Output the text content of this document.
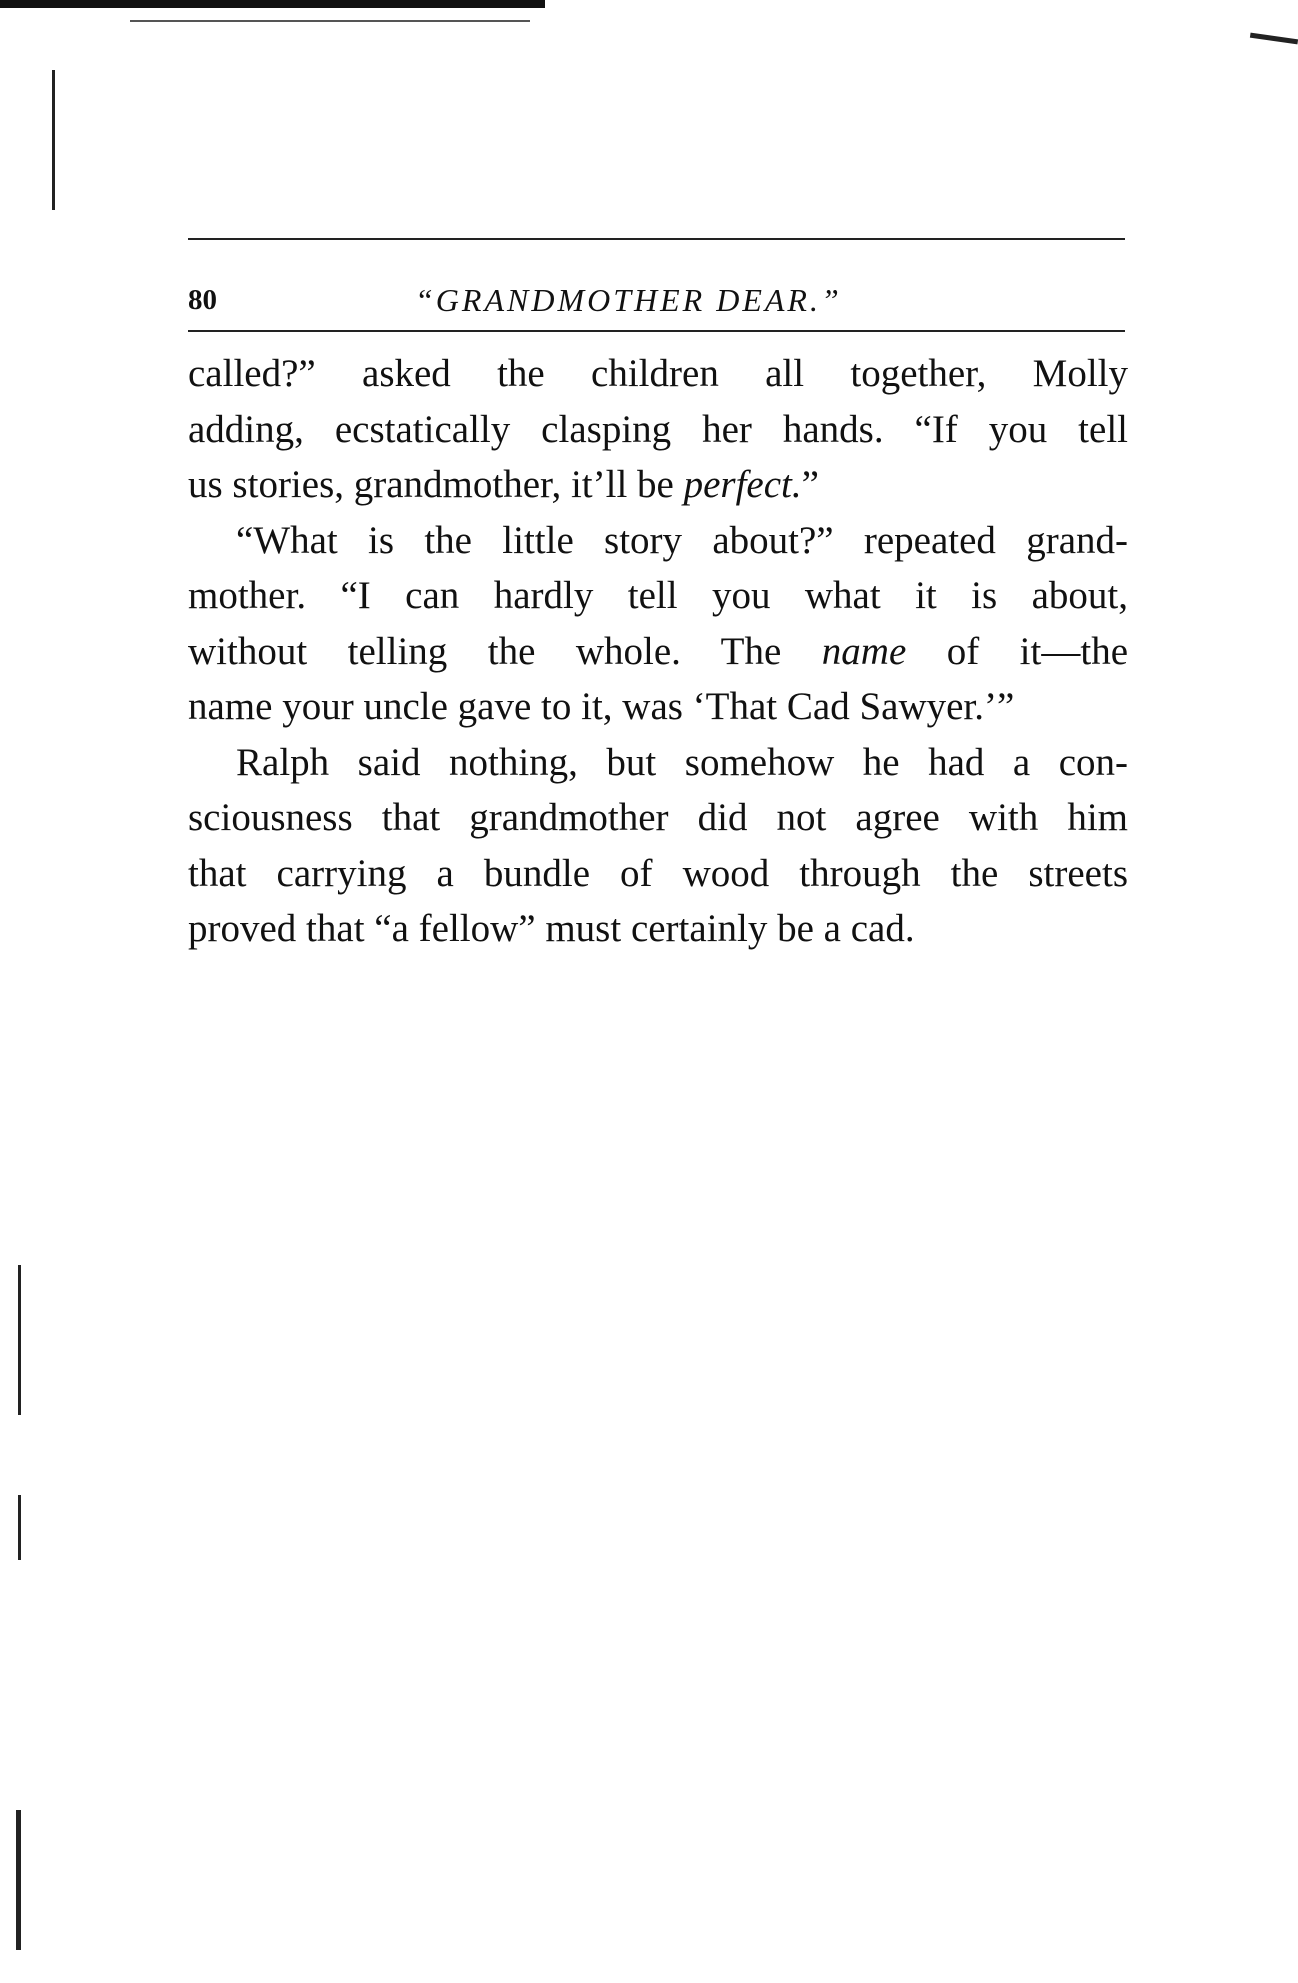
80	“GRANDMOTHER DEAR.”

called?” asked the children all together, Molly
adding, ecstatically clasping her hands. “If you tell
us stories, grandmother, it’ll be perfect.”

“What is the little story about?” repeated grand-
mother. “I can hardly tell you what it is about,
without telling the whole. The name of it—the
name your uncle gave to it, was ‘That Cad Sawyer.’”

Ralph said nothing, but somehow he had a con-
sciousness that grandmother did not agree with him
that carrying a bundle of wood through the streets
proved that “a fellow” must certainly be a cad.
